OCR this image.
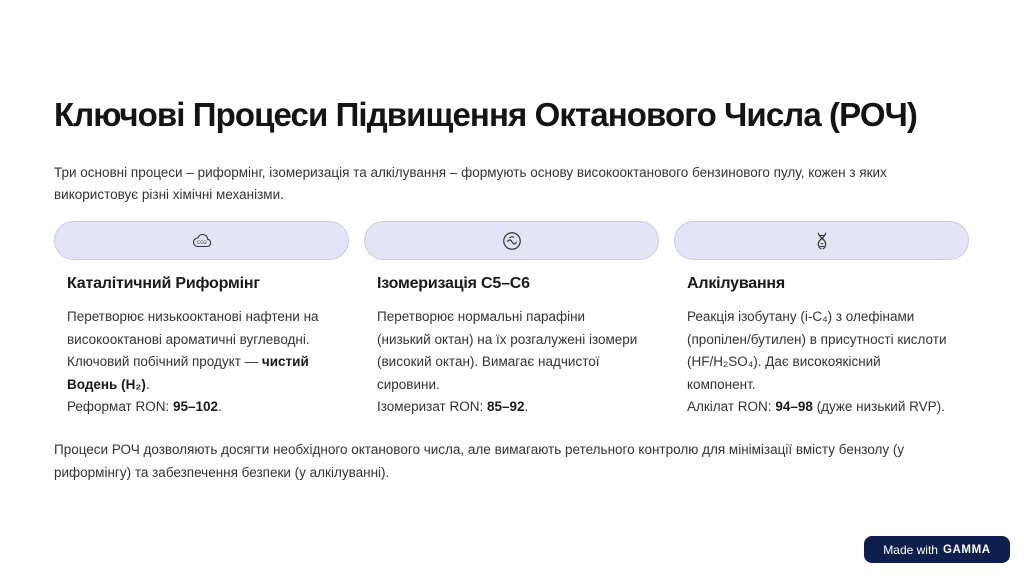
Ключові Процеси Підвищення Октанового Числа (РОЧ)
Три основні процеси – риформінг, ізомеризація та алкілування – формують основу високооктанового бензинового пулу, кожен з яких використовує різні хімічні механізми.
CO2
Каталітичний Риформінг
Перетворює низькооктанові нафтени на
високооктанові ароматичні вуглеводні.
Ключовий побічний продукт — чистий
Водень (H₂).
Реформат RON: 95–102.
Ізомеризація C5–C6
Перетворює нормальні парафіни
(низький октан) на їх розгалужені ізомери
(високий октан). Вимагає надчистої
сировини.
Ізомеризат RON: 85–92.
Алкілування
Реакція ізобутану (i-C₄) з олефінами
(пропілен/бутилен) в присутності кислоти
(HF/H₂SO₄). Дає високоякісний
компонент.
Алкілат RON: 94–98 (дуже низький RVP).
Процеси РОЧ дозволяють досягти необхідного октанового числа, але вимагають ретельного контролю для мінімізації вмісту бензолу (у риформінгу) та забезпечення безпеки (у алкілуванні).
Made with GAMMA
